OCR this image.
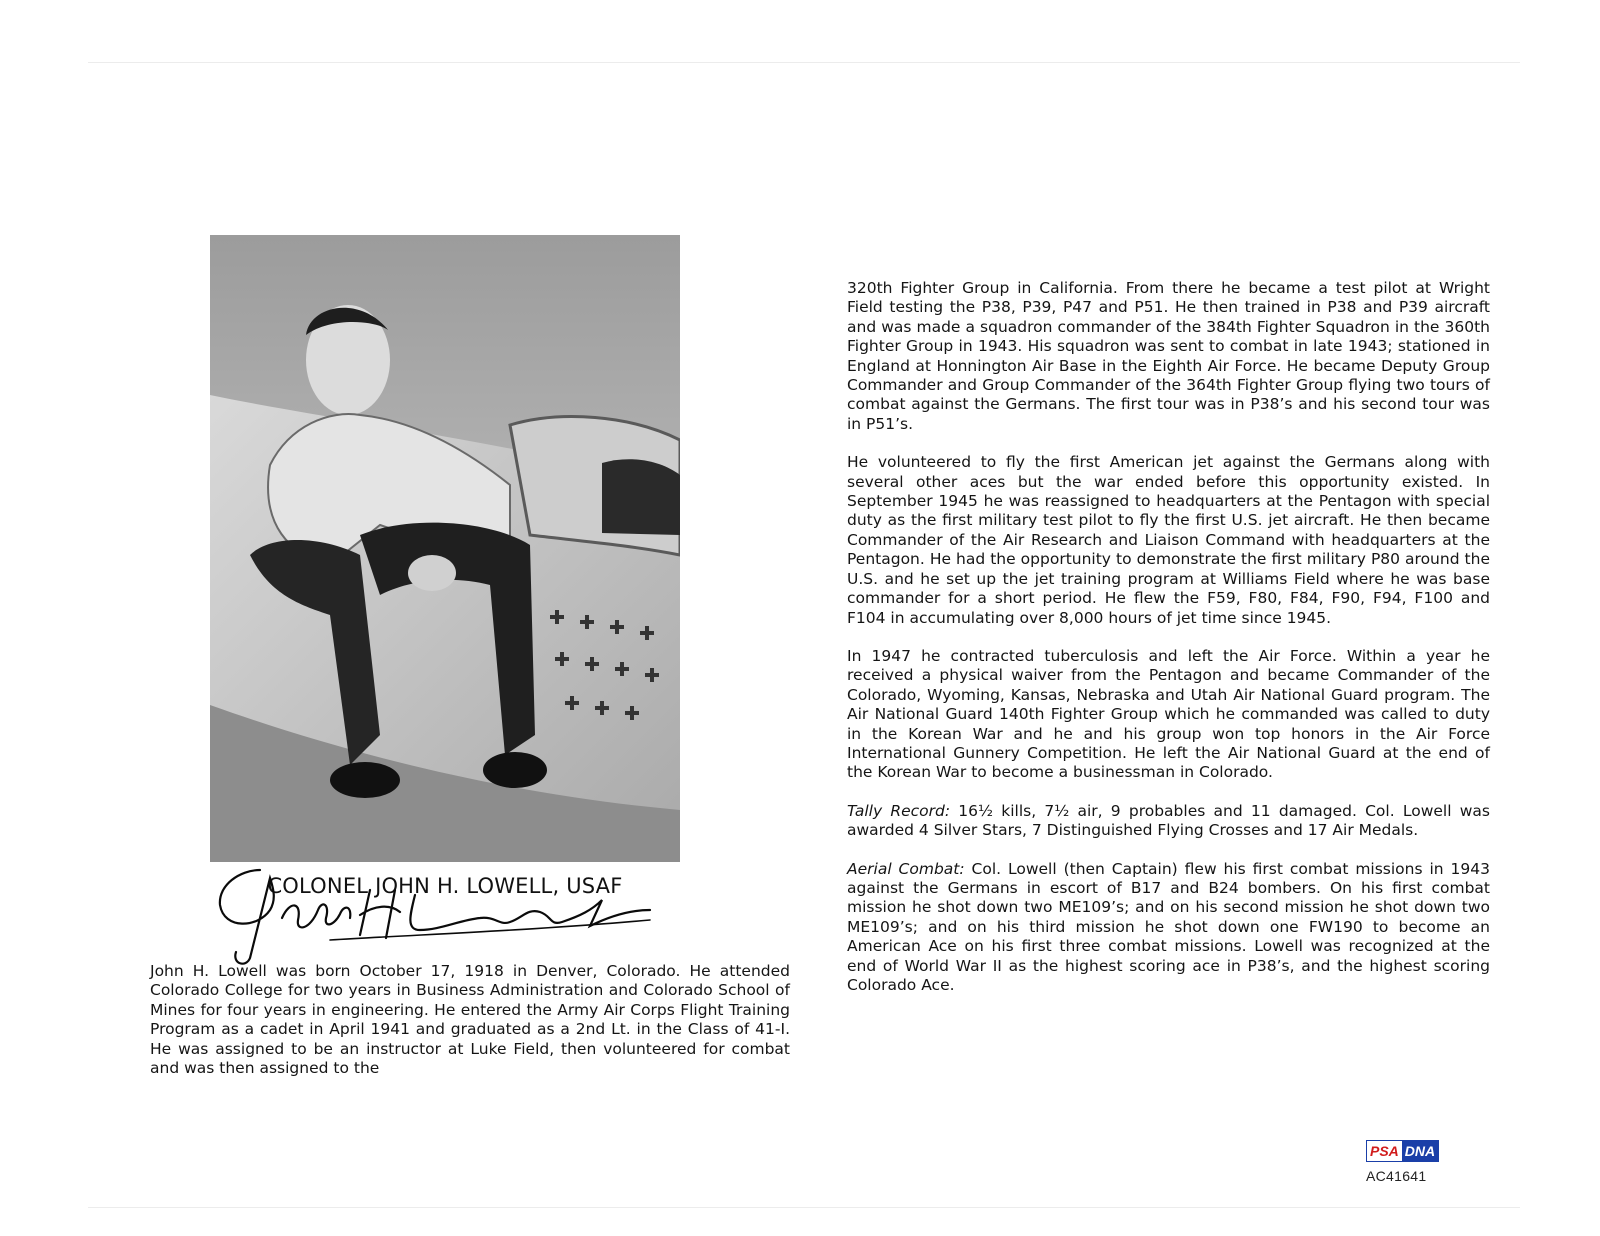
COLONEL JOHN H. LOWELL, USAF

John H. Lowell was born October 17, 1918 in Denver, Colorado. He attended Colorado College for two years in Business Administration and Colorado School of Mines for four years in engineering. He entered the Army Air Corps Flight Training Program as a cadet in April 1941 and graduated as a 2nd Lt. in the Class of 41-I. He was assigned to be an instructor at Luke Field, then volunteered for combat and was then assigned to the

320th Fighter Group in California. From there he became a test pilot at Wright Field testing the P38, P39, P47 and P51. He then trained in P38 and P39 aircraft and was made a squadron commander of the 384th Fighter Squadron in the 360th Fighter Group in 1943. His squadron was sent to combat in late 1943; stationed in England at Honnington Air Base in the Eighth Air Force. He became Deputy Group Commander and Group Commander of the 364th Fighter Group flying two tours of combat against the Germans. The first tour was in P38’s and his second tour was in P51’s.

He volunteered to fly the first American jet against the Germans along with several other aces but the war ended before this opportunity existed. In September 1945 he was reassigned to headquarters at the Pentagon with special duty as the first military test pilot to fly the first U.S. jet aircraft. He then became Commander of the Air Research and Liaison Command with headquarters at the Pentagon. He had the opportunity to demonstrate the first military P80 around the U.S. and he set up the jet training program at Williams Field where he was base commander for a short period. He flew the F59, F80, F84, F90, F94, F100 and F104 in accumulating over 8,000 hours of jet time since 1945.

In 1947 he contracted tuberculosis and left the Air Force. Within a year he received a physical waiver from the Pentagon and became Commander of the Colorado, Wyoming, Kansas, Nebraska and Utah Air National Guard program. The Air National Guard 140th Fighter Group which he commanded was called to duty in the Korean War and he and his group won top honors in the Air Force International Gunnery Competition. He left the Air National Guard at the end of the Korean War to become a businessman in Colorado.

Tally Record: 16½ kills, 7½ air, 9 probables and 11 damaged. Col. Lowell was awarded 4 Silver Stars, 7 Distinguished Flying Crosses and 17 Air Medals.

Aerial Combat: Col. Lowell (then Captain) flew his first combat missions in 1943 against the Germans in escort of B17 and B24 bombers. On his first combat mission he shot down two ME109’s; and on his second mission he shot down two ME109’s; and on his third mission he shot down one FW190 to become an American Ace on his first three combat missions. Lowell was recognized at the end of World War II as the highest scoring ace in P38’s, and the highest scoring Colorado Ace.

PSA DNA
AC41641
